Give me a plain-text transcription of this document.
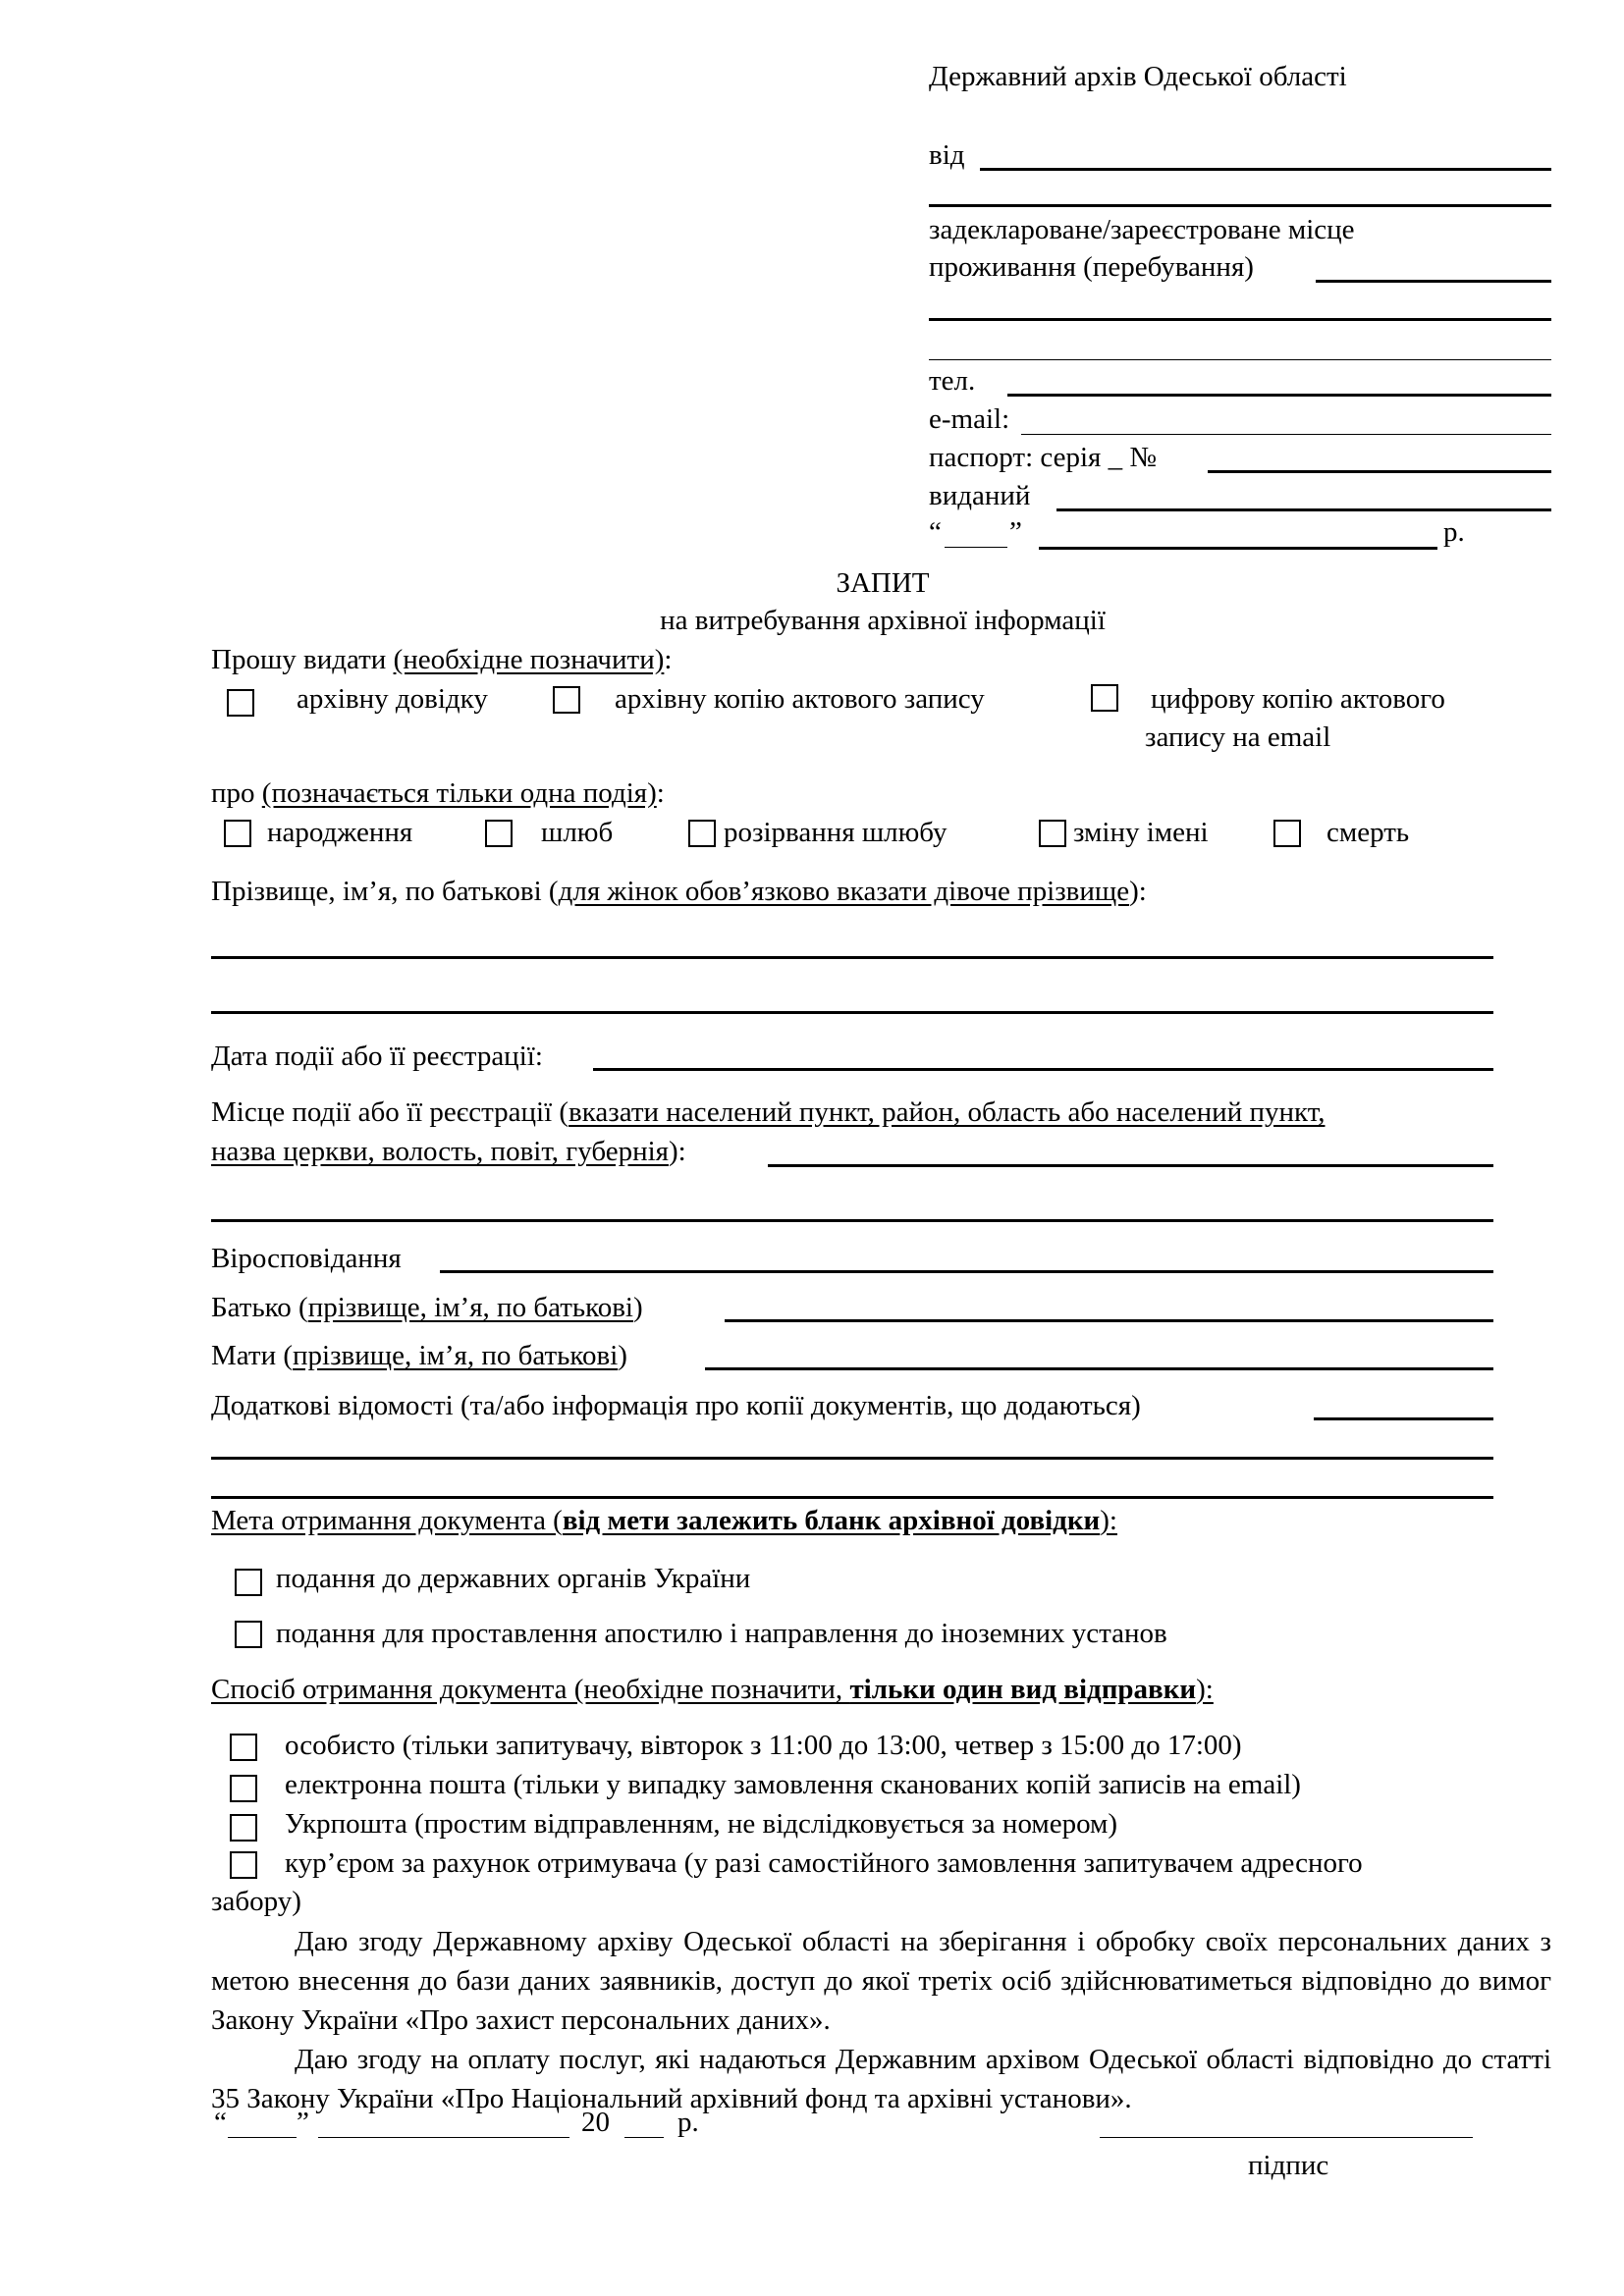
Державний архів Одеської області
від
задеклароване/зареєстроване місце
проживання (перебування)
тел.
e-mail:
паспорт: серія _ №
виданий
“ ”	р.
ЗАПИТ
на витребування архівної інформації
Прошу видати (необхідне позначити):
архівну довідку	архівну копію актового запису	цифрову копію актового
запису на email
про (позначається тільки одна подія):
народження	шлюб	розірвання шлюбу	зміну імені	смерть
Прізвище, ім’я, по батькові (для жінок обов’язково вказати дівоче прізвище):
Дата події або її реєстрації:
Місце події або її реєстрації (вказати населений пункт, район, область або населений пункт,
назва церкви, волость, повіт, губернія):
Віросповідання
Батько (прізвище, ім’я, по батькові)
Мати (прізвище, ім’я, по батькові)
Додаткові відомості (та/або інформація про копії документів, що додаються)
Мета отримання документа (від мети залежить бланк архівної довідки):
подання до державних органів України
подання для проставлення апостилю і направлення до іноземних установ
Спосіб отримання документа (необхідне позначити, тільки один вид відправки):
особисто (тільки запитувачу, вівторок з 11:00 до 13:00, четвер з 15:00 до 17:00)
електронна пошта (тільки у випадку замовлення сканованих копій записів на email)
Укрпошта (простим відправленням, не відслідковується за номером)
кур’єром за рахунок отримувача (у разі самостійного замовлення запитувачем адресного
забору)
Даю згоду Державному архіву Одеської області на зберігання і обробку своїх персональних даних з метою внесення до бази даних заявників, доступ до якої третіх осіб здійснюватиметься відповідно до вимог Закону України «Про захист персональних даних».
Даю згоду на оплату послуг, які надаються Державним архівом Одеської області відповідно до статті 35 Закону України «Про Національний архівний фонд та архівні установи».
“ ”	20 р.
підпис
